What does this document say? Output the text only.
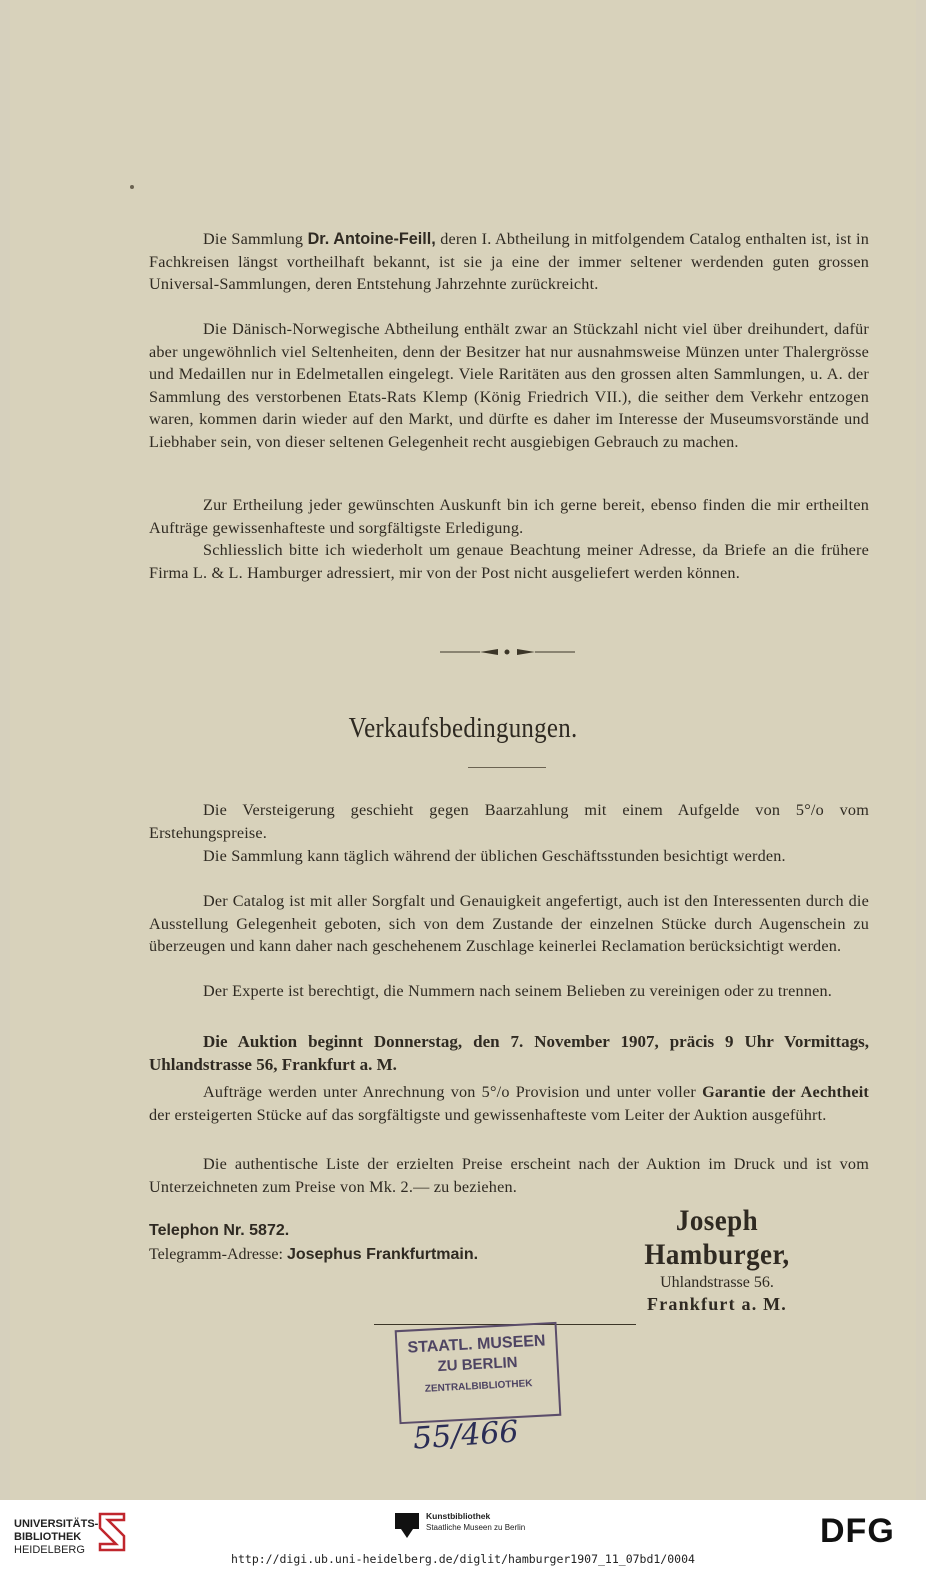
Die Sammlung Dr. Antoine-Feill, deren I. Abtheilung in mitfolgendem Catalog enthalten ist, ist in Fachkreisen längst vortheilhaft bekannt, ist sie ja eine der immer seltener werdenden guten grossen Universal-Sammlungen, deren Entstehung Jahrzehnte zurückreicht.

Die Dänisch-Norwegische Abtheilung enthält zwar an Stückzahl nicht viel über dreihundert, dafür aber ungewöhnlich viel Seltenheiten, denn der Besitzer hat nur ausnahmsweise Münzen unter Thalergrösse und Medaillen nur in Edelmetallen eingelegt. Viele Raritäten aus den grossen alten Sammlungen, u. A. der Sammlung des verstorbenen Etats-Rats Klemp (König Friedrich VII.), die seither dem Verkehr entzogen waren, kommen darin wieder auf den Markt, und dürfte es daher im Interesse der Museumsvorstände und Liebhaber sein, von dieser seltenen Gelegenheit recht ausgiebigen Gebrauch zu machen.

Zur Ertheilung jeder gewünschten Auskunft bin ich gerne bereit, ebenso finden die mir ertheilten Aufträge gewissenhafteste und sorgfältigste Erledigung.

Schliesslich bitte ich wiederholt um genaue Beachtung meiner Adresse, da Briefe an die frühere Firma L. & L. Hamburger adressiert, mir von der Post nicht ausgeliefert werden können.

Verkaufsbedingungen.

Die Versteigerung geschieht gegen Baarzahlung mit einem Aufgelde von 5°/o vom Erstehungspreise.

Die Sammlung kann täglich während der üblichen Geschäftsstunden besichtigt werden.

Der Catalog ist mit aller Sorgfalt und Genauigkeit angefertigt, auch ist den Interessenten durch die Ausstellung Gelegenheit geboten, sich von dem Zustande der einzelnen Stücke durch Augenschein zu überzeugen und kann daher nach geschehenem Zuschlage keinerlei Reclamation berücksichtigt werden.

Der Experte ist berechtigt, die Nummern nach seinem Belieben zu vereinigen oder zu trennen.

Die Auktion beginnt Donnerstag, den 7. November 1907, präcis 9 Uhr Vormittags, Uhlandstrasse 56, Frankfurt a. M.

Aufträge werden unter Anrechnung von 5°/o Provision und unter voller Garantie der Aechtheit der ersteigerten Stücke auf das sorgfältigste und gewissenhafteste vom Leiter der Auktion ausgeführt.

Die authentische Liste der erzielten Preise erscheint nach der Auktion im Druck und ist vom Unterzeichneten zum Preise von Mk. 2.— zu beziehen.

Telephon Nr. 5872.
Telegramm-Adresse: Josephus Frankfurtmain.
Joseph Hamburger,
Uhlandstrasse 56.
Frankfurt a. M.
STAATL. MUSEEN
ZU BERLIN
ZENTRALBIBLIOTHEK
55/466
UNIVERSITÄTS-
BIBLIOTHEK
HEIDELBERG
Kunstbibliothek
Staatliche Museen zu Berlin	DFG
http://digi.ub.uni-heidelberg.de/diglit/hamburger1907_11_07bd1/0004
